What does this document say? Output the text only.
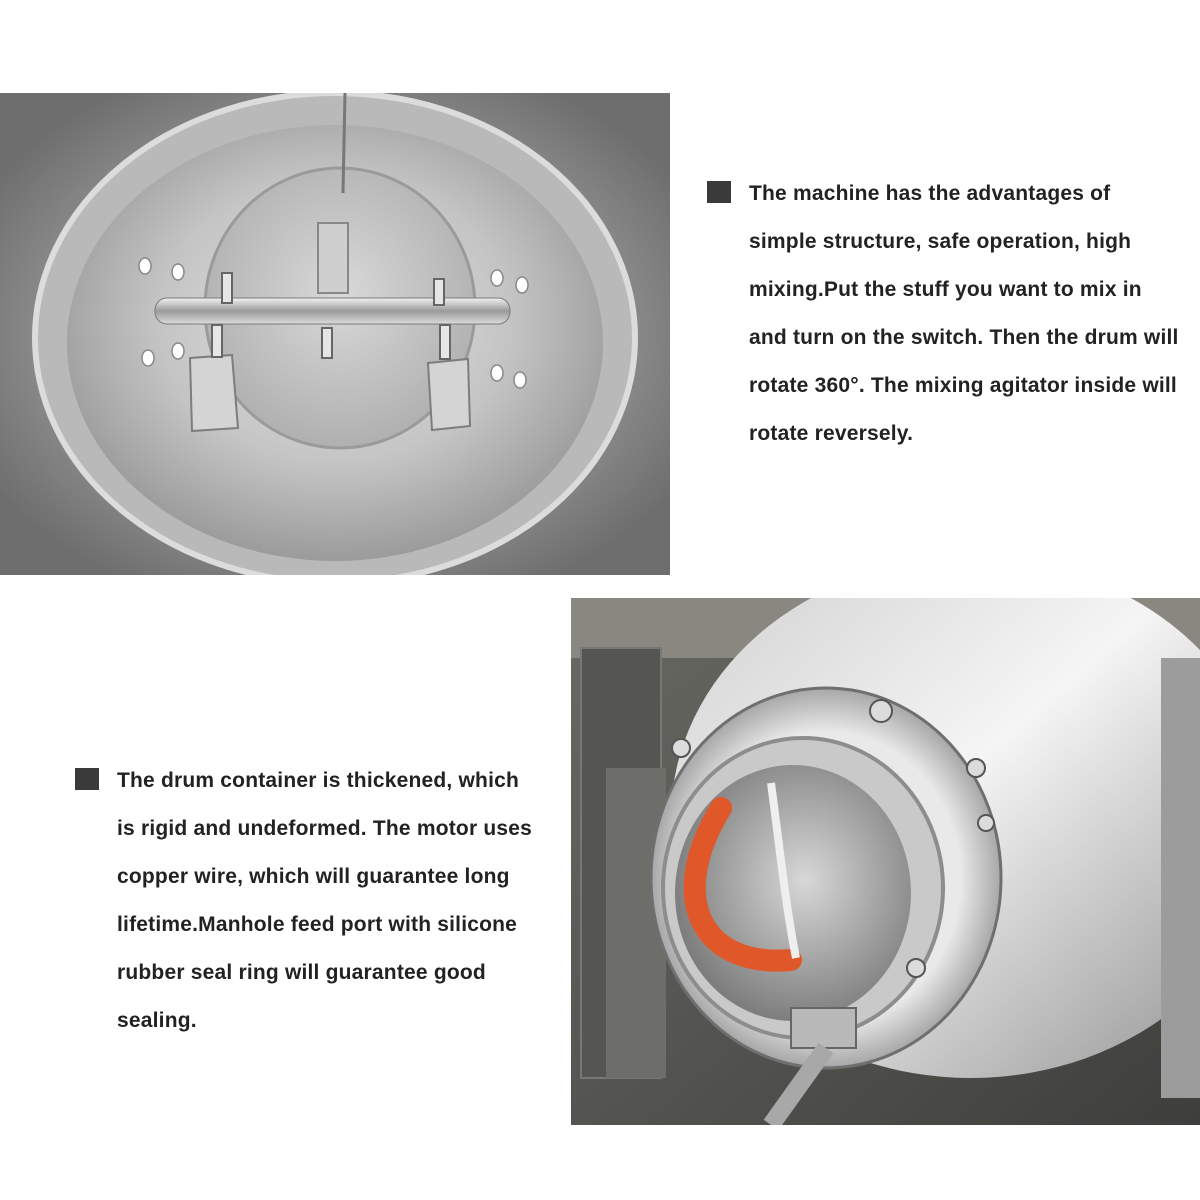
The machine has the advantages of simple structure, safe operation, high mixing.Put the stuff you want to mix in and turn on the switch. Then the drum will rotate 360°. The mixing agitator inside will rotate reversely.

The drum container is thickened, which is rigid and undeformed. The motor uses copper wire, which will guarantee long lifetime.Manhole feed port with silicone rubber seal ring will guarantee good sealing.
